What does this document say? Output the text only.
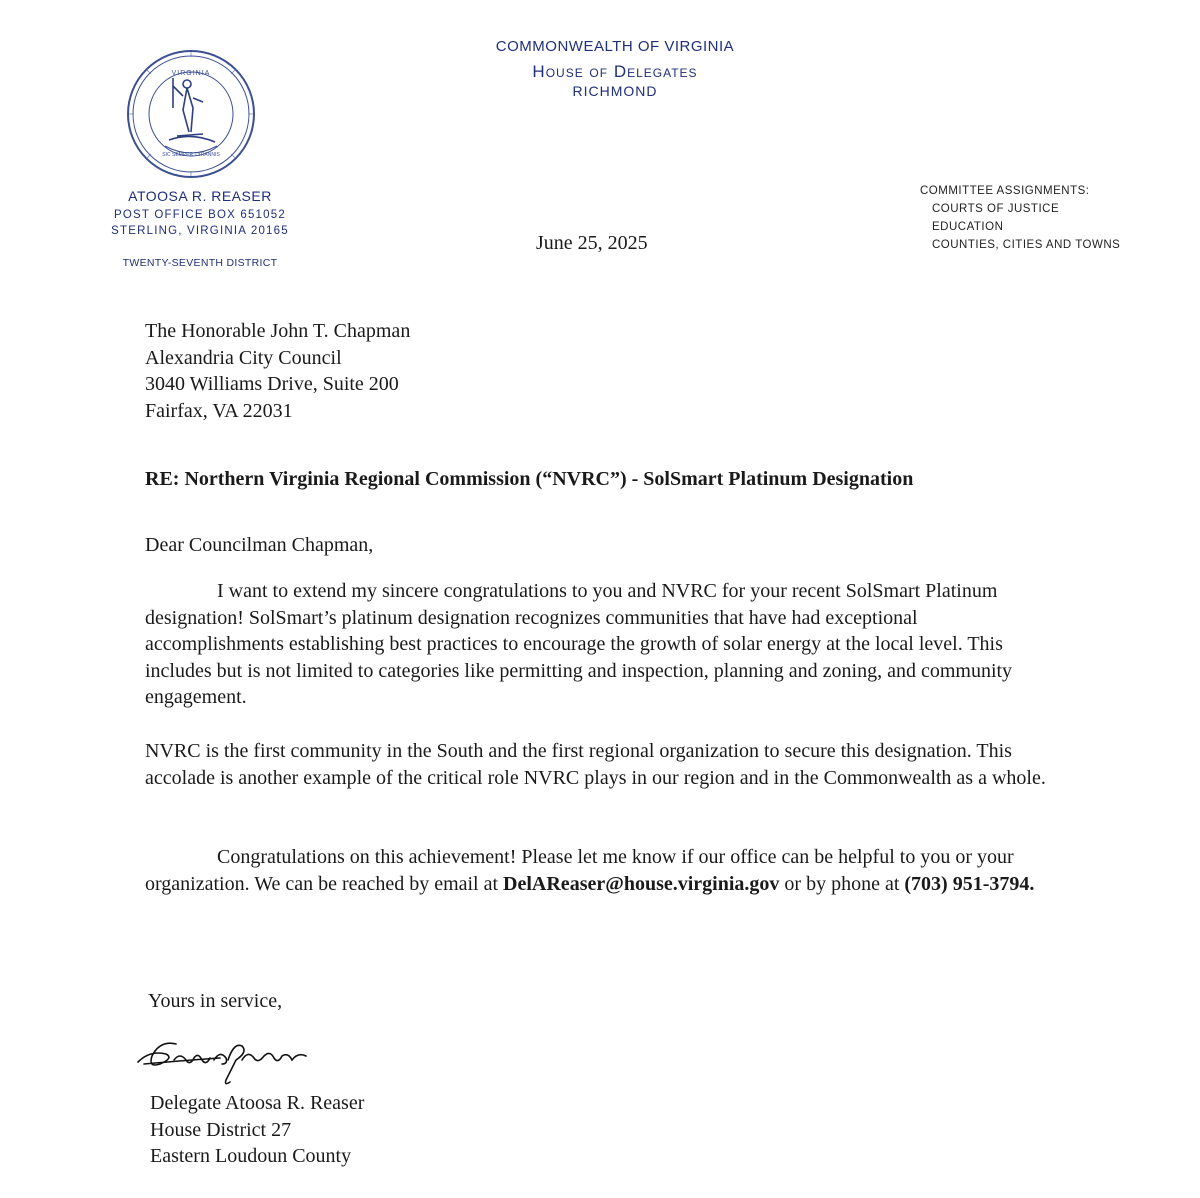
VIRGINIA
SIC SEMPER TYRANNIS
COMMONWEALTH OF VIRGINIA
House of Delegates
RICHMOND
ATOOSA R. REASER
POST OFFICE BOX 651052
STERLING, VIRGINIA 20165
TWENTY-SEVENTH DISTRICT
COMMITTEE ASSIGNMENTS:
COURTS OF JUSTICE
EDUCATION
COUNTIES, CITIES AND TOWNS
June 25, 2025
The Honorable John T. Chapman
Alexandria City Council
3040 Williams Drive, Suite 200
Fairfax, VA 22031
RE: Northern Virginia Regional Commission (“NVRC”) - SolSmart Platinum Designation
Dear Councilman Chapman,
I want to extend my sincere congratulations to you and NVRC for your recent SolSmart Platinum designation! SolSmart’s platinum designation recognizes communities that have had exceptional accomplishments establishing best practices to encourage the growth of solar energy at the local level. This includes but is not limited to categories like permitting and inspection, planning and zoning, and community engagement.
NVRC is the first community in the South and the first regional organization to secure this designation. This accolade is another example of the critical role NVRC plays in our region and in the Commonwealth as a whole.
Congratulations on this achievement! Please let me know if our office can be helpful to you or your organization. We can be reached by email at DelAReaser@house.virginia.gov or by phone at (703) 951-3794.
Yours in service,
Delegate Atoosa R. Reaser
House District 27
Eastern Loudoun County
